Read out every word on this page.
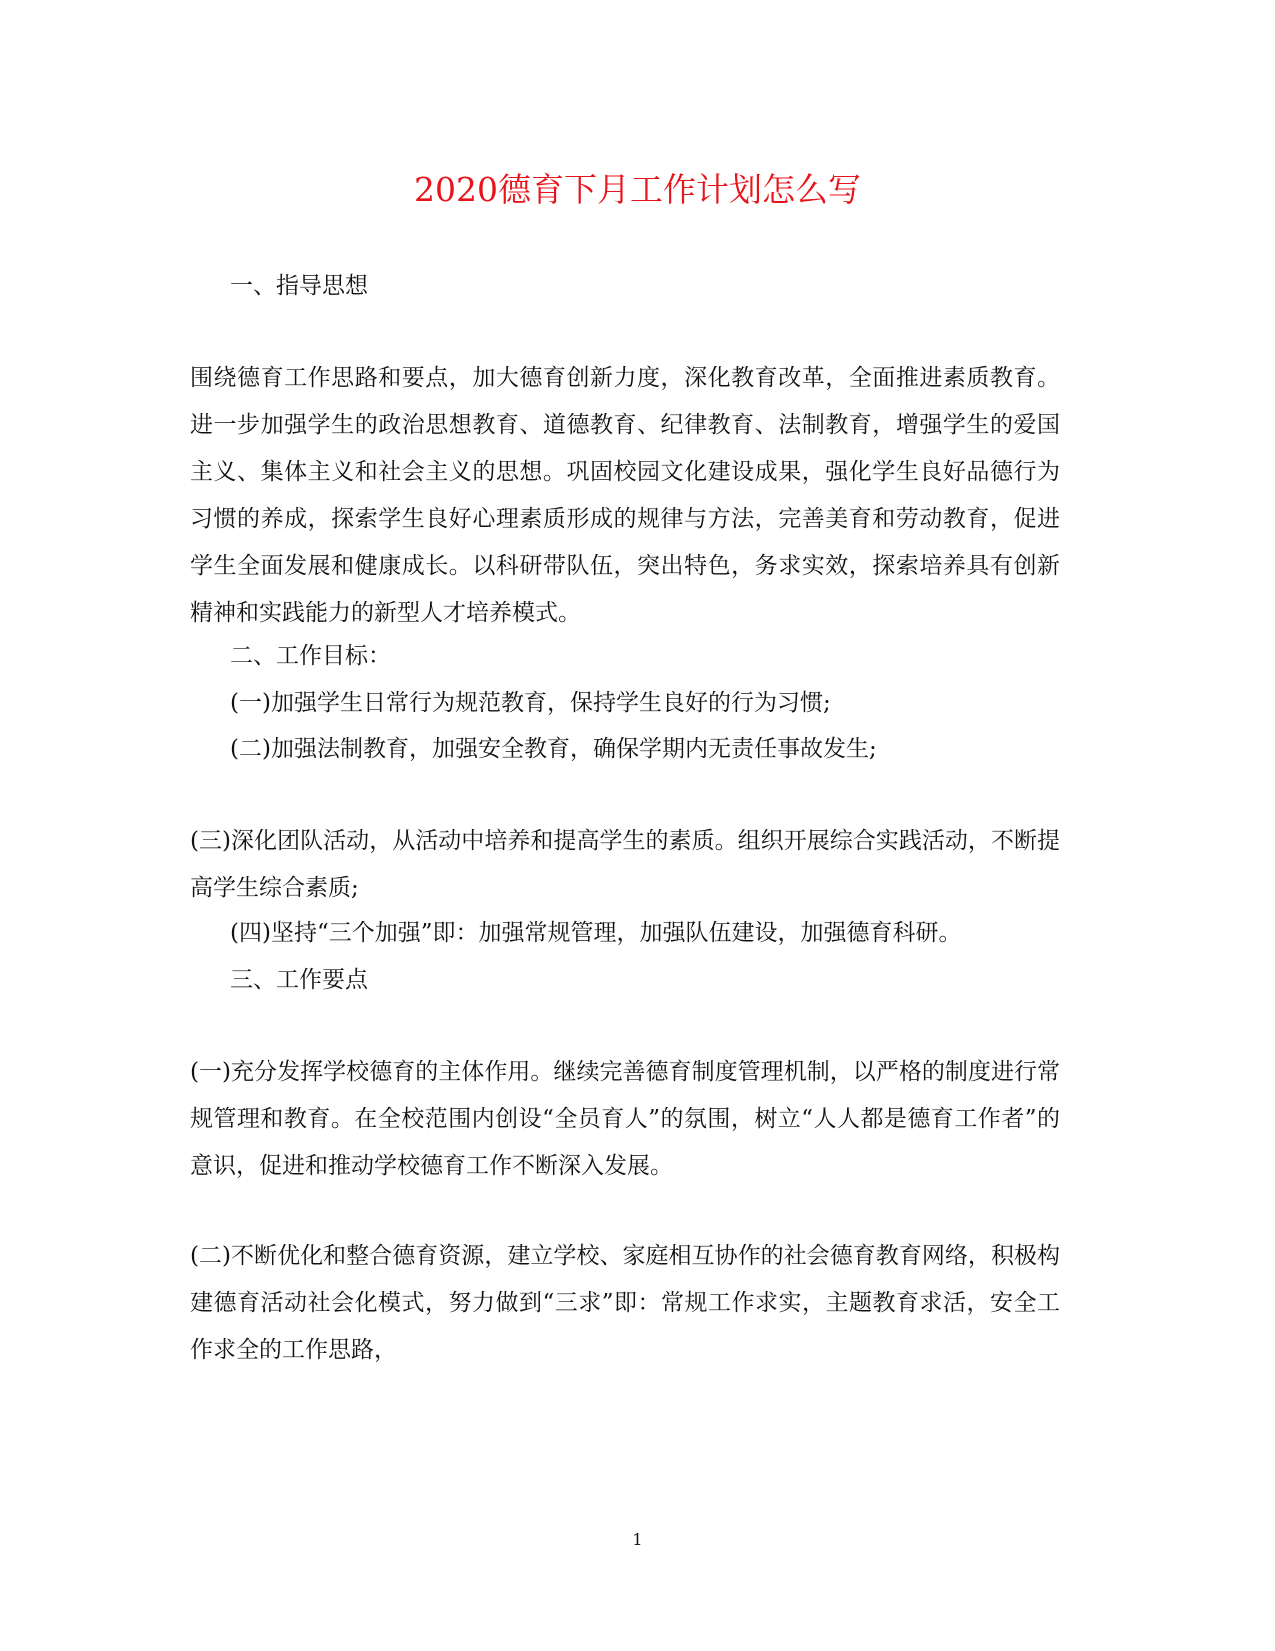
2020德育下月工作计划怎么写
一、指导思想

围绕德育工作思路和要点，加大德育创新力度，深化教育改革，全面推进素质教育。进一步加强学生的政治思想教育、道德教育、纪律教育、法制教育，增强学生的爱国主义、集体主义和社会主义的思想。巩固校园文化建设成果，强化学生良好品德行为习惯的养成，探索学生良好心理素质形成的规律与方法，完善美育和劳动教育，促进学生全面发展和健康成长。以科研带队伍，突出特色，务求实效，探索培养具有创新精神和实践能力的新型人才培养模式。

二、工作目标：
(一)加强学生日常行为规范教育，保持学生良好的行为习惯;
(二)加强法制教育，加强安全教育，确保学期内无责任事故发生;

(三)深化团队活动，从活动中培养和提高学生的素质。组织开展综合实践活动，不断提高学生综合素质;

(四)坚持“三个加强”即：加强常规管理，加强队伍建设，加强德育科研。
三、工作要点

(一)充分发挥学校德育的主体作用。继续完善德育制度管理机制，以严格的制度进行常规管理和教育。在全校范围内创设“全员育人”的氛围，树立“人人都是德育工作者”的意识，促进和推动学校德育工作不断深入发展。

(二)不断优化和整合德育资源，建立学校、家庭相互协作的社会德育教育网络，积极构建德育活动社会化模式，努力做到“三求”即：常规工作求实，主题教育求活，安全工作求全的工作思路，

1
